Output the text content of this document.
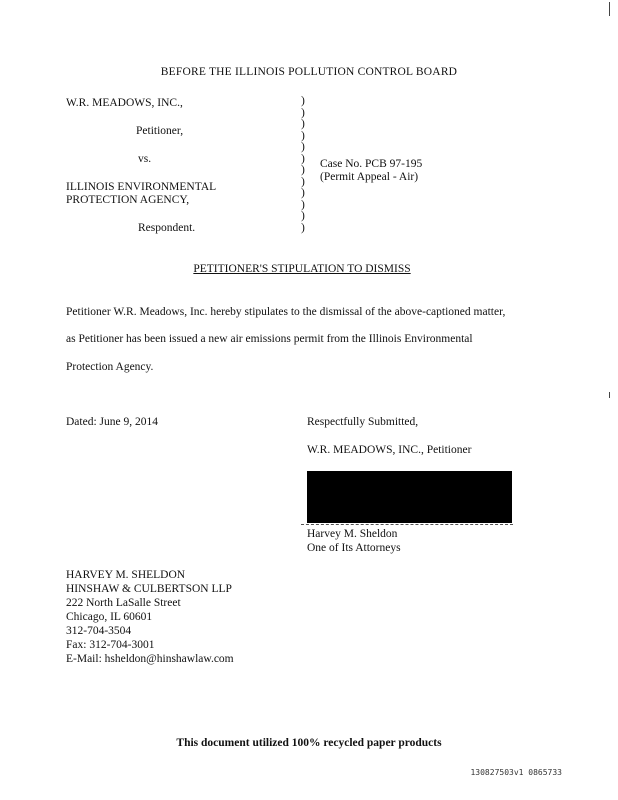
BEFORE THE ILLINOIS POLLUTION CONTROL BOARD
W.R. MEADOWS, INC.,
Petitioner,
vs.
ILLINOIS ENVIRONMENTAL
PROTECTION AGENCY,
Respondent.
)
)
)
)
)
)
)
)
)
)
)
)
Case No. PCB 97-195
(Permit Appeal - Air)
PETITIONER'S STIPULATION TO DISMISS
Petitioner W.R. Meadows, Inc. hereby stipulates to the dismissal of the above-captioned matter,
as Petitioner has been issued a new air emissions permit from the Illinois Environmental
Protection Agency.
Dated: June 9, 2014	Respectfully Submitted,
W.R. MEADOWS, INC., Petitioner
Harvey M. Sheldon
One of Its Attorneys
HARVEY M. SHELDON
HINSHAW & CULBERTSON LLP
222 North LaSalle Street
Chicago, IL 60601
312-704-3504
Fax: 312-704-3001
E-Mail: hsheldon@hinshawlaw.com
This document utilized 100% recycled paper products
130827503v1 0865733
